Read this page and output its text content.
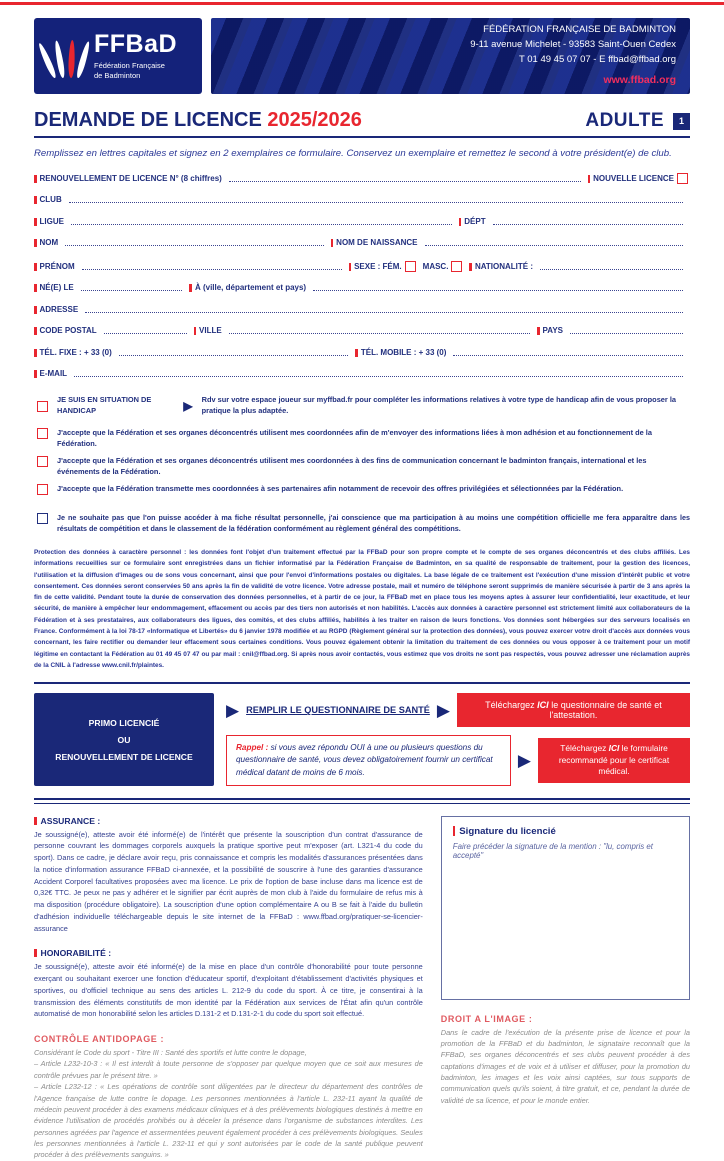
FFBaD
Fédération Française
de Badminton
FÉDÉRATION FRANÇAISE DE BADMINTON
9-11 avenue Michelet - 93583 Saint-Ouen Cedex
T 01 49 45 07 07 - E ffbad@ffbad.org
www.ffbad.org
DEMANDE DE LICENCE 2025/2026	ADULTE	1
Remplissez en lettres capitales et signez en 2 exemplaires ce formulaire. Conservez un exemplaire et remettez le second à votre président(e) de club.
RENOUVELLEMENT DE LICENCE N° (8 chiffres)	NOUVELLE LICENCE
CLUB
LIGUE	DÉPT
NOM	NOM DE NAISSANCE
PRÉNOM	SEXE : FÉM.	MASC.	NATIONALITÉ :
NÉ(E) LE	À (ville, département et pays)
ADRESSE
CODE POSTAL	VILLE	PAYS
TÉL. FIXE : + 33 (0)	TÉL. MOBILE : + 33 (0)
E-MAIL
JE SUIS EN SITUATION DE HANDICAP	▶ Rdv sur votre espace joueur sur myffbad.fr pour compléter les informations relatives à votre type de handicap afin de vous proposer la pratique la plus adaptée.
J'accepte que la Fédération et ses organes déconcentrés utilisent mes coordonnées afin de m'envoyer des informations liées à mon adhésion et au fonctionnement de la Fédération.
J'accepte que la Fédération et ses organes déconcentrés utilisent mes coordonnées à des fins de communication concernant le badminton français, international et les événements de la Fédération.
J'accepte que la Fédération transmette mes coordonnées à ses partenaires afin notamment de recevoir des offres privilégiées et sélectionnées par la Fédération.
Je ne souhaite pas que l'on puisse accéder à ma fiche résultat personnelle, j'ai conscience que ma participation à au moins une compétition officielle me fera apparaître dans les résultats de compétition et dans le classement de la fédération conformément au règlement général des compétitions.
Protection des données à caractère personnel : les données font l'objet d'un traitement effectué par la FFBaD pour son propre compte et le compte de ses organes déconcentrés et des clubs affiliés. Les informations recueillies sur ce formulaire sont enregistrées dans un fichier informatisé par la Fédération Française de Badminton, en sa qualité de responsable de traitement, pour la gestion des licences, l'utilisation et la diffusion d'images ou de sons vous concernant, ainsi que pour l'envoi d'informations postales ou digitales. La base légale de ce traitement est l'exécution d'une mission d'intérêt public et votre consentement. Ces données seront conservées 50 ans après la fin de validité de votre licence. Votre adresse postale, mail et numéro de téléphone seront supprimés de manière sécurisée à partir de 3 ans après la fin de cette validité. Pendant toute la durée de conservation des données personnelles, et à partir de ce jour, la FFBaD met en place tous les moyens aptes à assurer leur confidentialité, leur exactitude, et leur sécurité, de manière à empêcher leur endommagement, effacement ou accès par des tiers non autorisés et non habilités. L'accès aux données à caractère personnel est strictement limité aux collaborateurs de la Fédération et à ses prestataires, aux collaborateurs des ligues, des comités, et des clubs affiliés, habilités à les traiter en raison de leurs fonctions. Vos données sont hébergées sur des serveurs localisés en France. Conformément à la loi 78-17 «Informatique et Libertés» du 6 janvier 1978 modifiée et au RGPD (Règlement général sur la protection des données), vous pouvez exercer votre droit d'accès aux données vous concernant, les faire rectifier ou demander leur effacement sous certaines conditions. Vous pouvez également obtenir la limitation du traitement de ces données ou vous opposer à ce traitement pour un motif légitime en contactant la Fédération au 01 49 45 07 47 ou par mail : cnil@ffbad.org. Si après nous avoir contactés, vous estimez que vos droits ne sont pas respectés, vous pouvez adresser une réclamation auprès de la CNIL à l'adresse www.cnil.fr/plaintes.
PRIMO LICENCIÉ
OU
RENOUVELLEMENT DE LICENCE
▶ REMPLIR LE QUESTIONNAIRE DE SANTÉ ▶	Téléchargez ICI le questionnaire de santé et l'attestation.
Rappel : si vous avez répondu OUI à une ou plusieurs questions du questionnaire de santé, vous devez obligatoirement fournir un certificat médical datant de moins de 6 mois.
▶
Téléchargez ICI le formulaire recommandé pour le certificat médical.
ASSURANCE :
Je soussigné(e), atteste avoir été informé(e) de l'intérêt que présente la souscription d'un contrat d'assurance de personne couvrant les dommages corporels auxquels la pratique sportive peut m'exposer (art. L321-4 du code du sport). Dans ce cadre, je déclare avoir reçu, pris connaissance et compris les modalités d'assurances présentées dans la notice d'information assurance FFBaD ci-annexée, et la possibilité de souscrire à l'une des garanties d'assurance Accident Corporel facultatives proposées avec ma licence. Le prix de l'option de base incluse dans ma licence est de 0,32€ TTC. Je peux ne pas y adhérer et le signifier par écrit auprès de mon club à l'aide du formulaire de refus mis à ma disposition (procédure obligatoire). La souscription d'une option complémentaire A ou B se fait à l'aide du bulletin d'adhésion individuelle téléchargeable depuis le site internet de la FFBaD : www.ffbad.org/pratiquer-se-licencier-assurance
HONORABILITÉ :
Je soussigné(e), atteste avoir été informé(e) de la mise en place d'un contrôle d'honorabilité pour toute personne exerçant ou souhaitant exercer une fonction d'éducateur sportif, d'exploitant d'établissement d'activités physiques et sportives, ou d'officiel technique au sens des articles L. 212-9 du code du sport. À ce titre, je consentirai à la transmission des éléments constitutifs de mon identité par la Fédération aux services de l'État afin qu'un contrôle automatisé de mon honorabilité selon les articles D.131-2 et D.131-2-1 du code du sport soit effectué.
CONTRÔLE ANTIDOPAGE :
Considérant le Code du sport - Titre III : Santé des sportifs et lutte contre le dopage,
– Article L232-10-3 : « Il est interdit à toute personne de s'opposer par quelque moyen que ce soit aux mesures de contrôle prévues par le présent titre. »
– Article L232-12 : « Les opérations de contrôle sont diligentées par le directeur du département des contrôles de l'Agence française de lutte contre le dopage. Les personnes mentionnées à l'article L. 232-11 ayant la qualité de médecin peuvent procéder à des examens médicaux cliniques et à des prélèvements biologiques destinés à mettre en évidence l'utilisation de procédés prohibés ou à déceler la présence dans l'organisme de substances interdites. Les personnes agréées par l'agence et assermentées peuvent également procéder à ces prélèvements biologiques. Seules les personnes mentionnées à l'article L. 232-11 et qui y sont autorisées par le code de la santé publique peuvent procéder à des prélèvements sanguins. »
Signature du licencié
Faire précéder la signature de la mention : "lu, compris et accepté"
DROIT A L'IMAGE :
Dans le cadre de l'exécution de la présente prise de licence et pour la promotion de la FFBaD et du badminton, le signataire reconnaît que la FFBaD, ses organes déconcentrés et ses clubs peuvent procéder à des captations d'images et de voix et à utiliser et diffuser, pour la promotion du badminton, les images et les voix ainsi captées, sur tous supports de communication quels qu'ils soient, à titre gratuit, et ce, pendant la durée de validité de sa licence, et pour le monde entier.
